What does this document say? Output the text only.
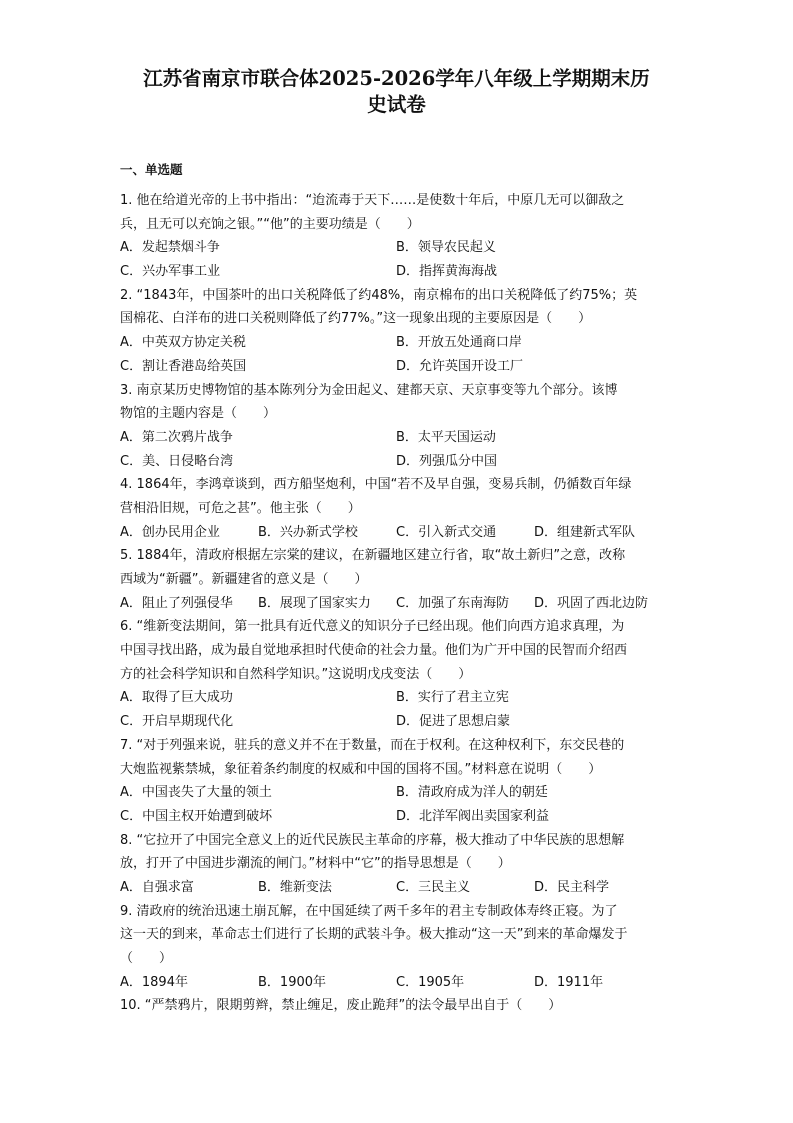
江苏省南京市联合体2025-2026学年八年级上学期期末历
史试卷
一、单选题
1. 他在给道光帝的上书中指出：“迨流毒于天下……是使数十年后，中原几无可以御敌之
兵，且无可以充饷之银。”“他”的主要功绩是（　　）
A．发起禁烟斗争	B．领导农民起义
C．兴办军事工业	D．指挥黄海海战
2. “1843年，中国茶叶的出口关税降低了约48%，南京棉布的出口关税降低了约75%；英
国棉花、白洋布的进口关税则降低了约77%。”这一现象出现的主要原因是（　　）
A．中英双方协定关税	B．开放五处通商口岸
C．割让香港岛给英国	D．允许英国开设工厂
3. 南京某历史博物馆的基本陈列分为金田起义、建都天京、天京事变等九个部分。该博
物馆的主题内容是（　　）
A．第二次鸦片战争	B．太平天国运动
C．美、日侵略台湾	D．列强瓜分中国
4. 1864年，李鸿章谈到，西方船坚炮利，中国“若不及早自强，变易兵制，仍循数百年绿
营相沿旧规，可危之甚”。他主张（　　）
A．创办民用企业	B．兴办新式学校	C．引入新式交通	D．组建新式军队
5. 1884年，清政府根据左宗棠的建议，在新疆地区建立行省，取“故土新归”之意，改称
西域为“新疆”。新疆建省的意义是（　　）
A．阻止了列强侵华	B．展现了国家实力	C．加强了东南海防	D．巩固了西北边防
6. “维新变法期间，第一批具有近代意义的知识分子已经出现。他们向西方追求真理，为
中国寻找出路，成为最自觉地承担时代使命的社会力量。他们为广开中国的民智而介绍西
方的社会科学知识和自然科学知识。”这说明戊戌变法（　　）
A．取得了巨大成功	B．实行了君主立宪
C．开启早期现代化	D．促进了思想启蒙
7. “对于列强来说，驻兵的意义并不在于数量，而在于权利。在这种权利下，东交民巷的
大炮监视紫禁城，象征着条约制度的权威和中国的国将不国。”材料意在说明（　　）
A．中国丧失了大量的领土	B．清政府成为洋人的朝廷
C．中国主权开始遭到破坏	D．北洋军阀出卖国家利益
8. “它拉开了中国完全意义上的近代民族民主革命的序幕，极大推动了中华民族的思想解
放，打开了中国进步潮流的闸门。”材料中“它”的指导思想是（　　）
A．自强求富	B．维新变法	C．三民主义	D．民主科学
9. 清政府的统治迅速土崩瓦解，在中国延续了两千多年的君主专制政体寿终正寝。为了
这一天的到来，革命志士们进行了长期的武装斗争。极大推动“这一天”到来的革命爆发于
（　　）
A．1894年	B．1900年	C．1905年	D．1911年
10. “严禁鸦片，限期剪辫，禁止缠足，废止跪拜”的法令最早出自于（　　）
